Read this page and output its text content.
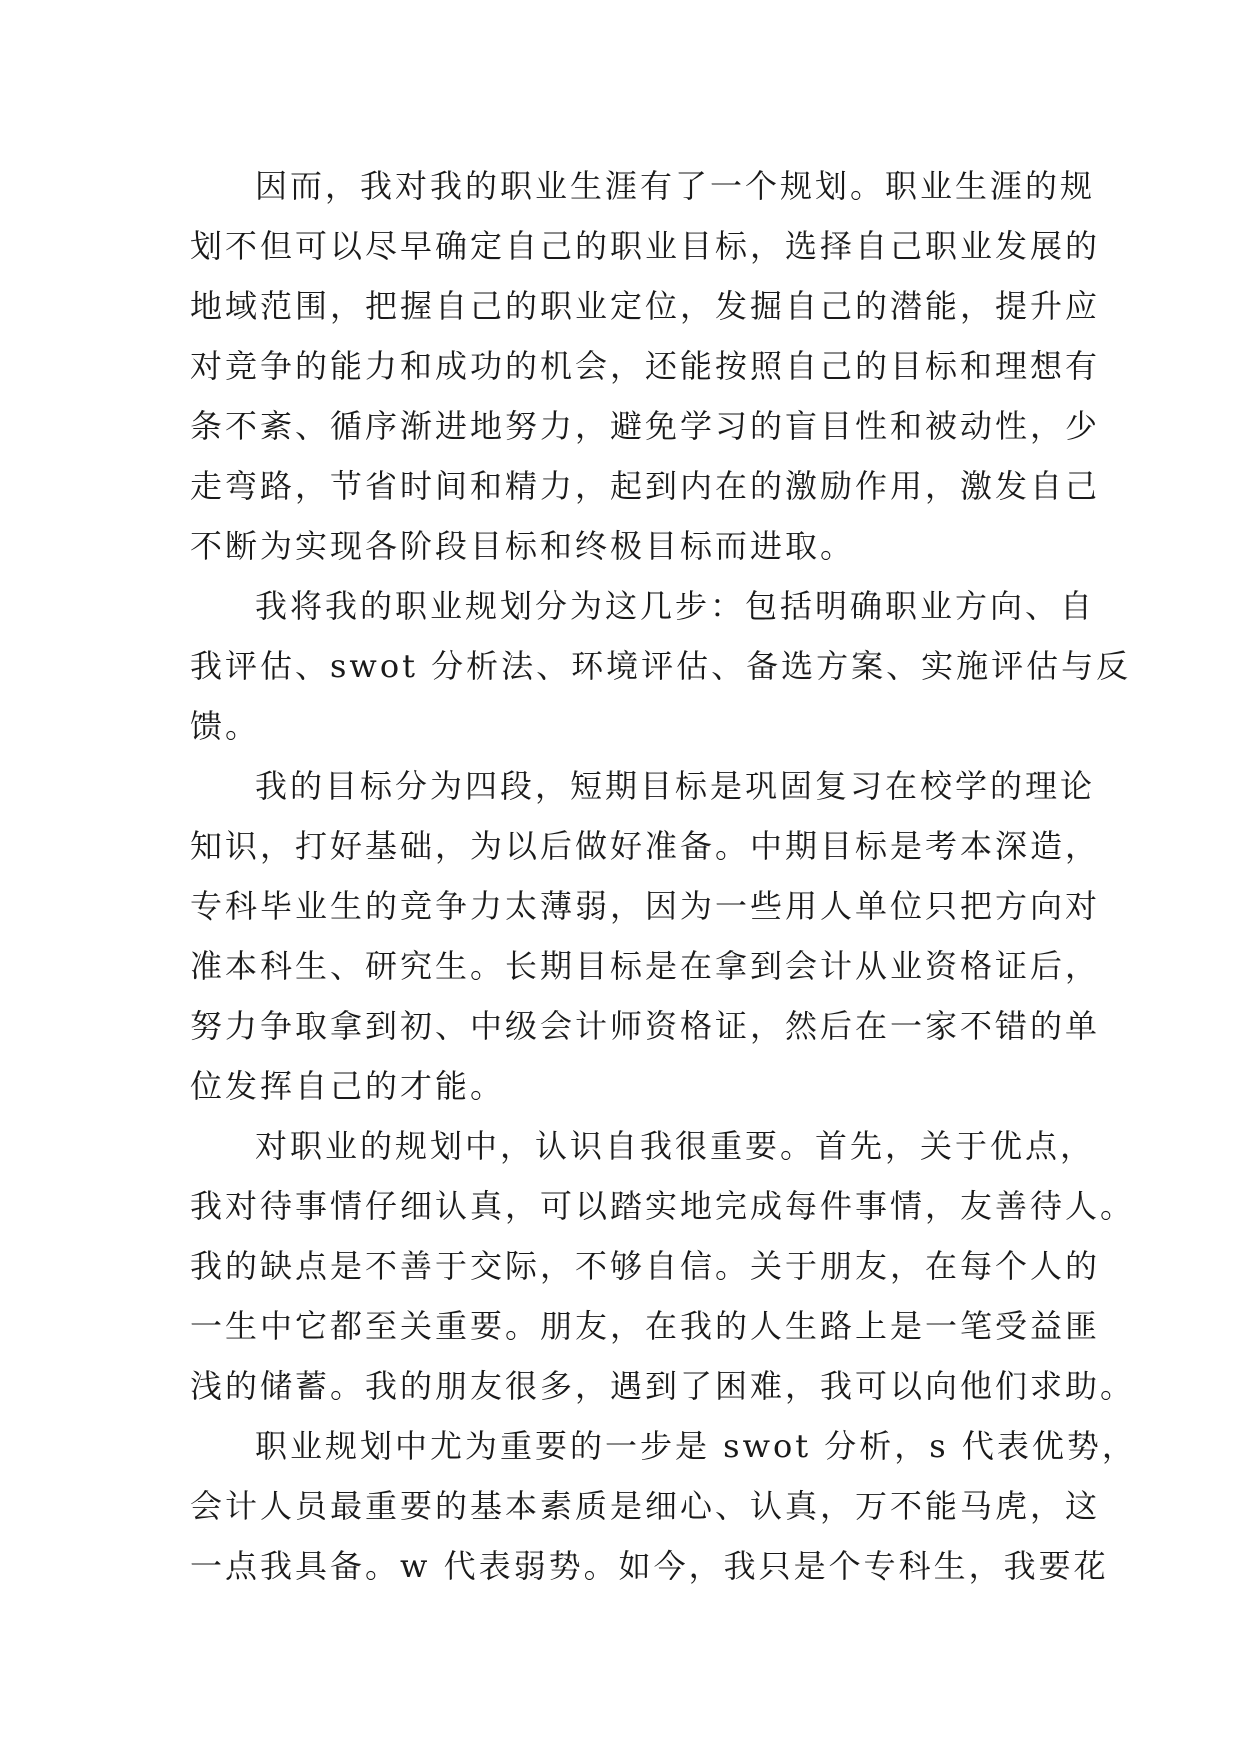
因而，我对我的职业生涯有了一个规划。职业生涯的规
划不但可以尽早确定自己的职业目标，选择自己职业发展的
地域范围，把握自己的职业定位，发掘自己的潜能，提升应
对竞争的能力和成功的机会，还能按照自己的目标和理想有
条不紊、循序渐进地努力，避免学习的盲目性和被动性，少
走弯路，节省时间和精力，起到内在的激励作用，激发自己
不断为实现各阶段目标和终极目标而进取。
我将我的职业规划分为这几步：包括明确职业方向、自
我评估、swot 分析法、环境评估、备选方案、实施评估与反
馈。
我的目标分为四段，短期目标是巩固复习在校学的理论
知识，打好基础，为以后做好准备。中期目标是考本深造，
专科毕业生的竞争力太薄弱，因为一些用人单位只把方向对
准本科生、研究生。长期目标是在拿到会计从业资格证后，
努力争取拿到初、中级会计师资格证，然后在一家不错的单
位发挥自己的才能。
对职业的规划中，认识自我很重要。首先，关于优点，
我对待事情仔细认真，可以踏实地完成每件事情，友善待人。
我的缺点是不善于交际，不够自信。关于朋友，在每个人的
一生中它都至关重要。朋友，在我的人生路上是一笔受益匪
浅的储蓄。我的朋友很多，遇到了困难，我可以向他们求助。
职业规划中尤为重要的一步是 swot 分析，s 代表优势，
会计人员最重要的基本素质是细心、认真，万不能马虎，这
一点我具备。w 代表弱势。如今，我只是个专科生，我要花
